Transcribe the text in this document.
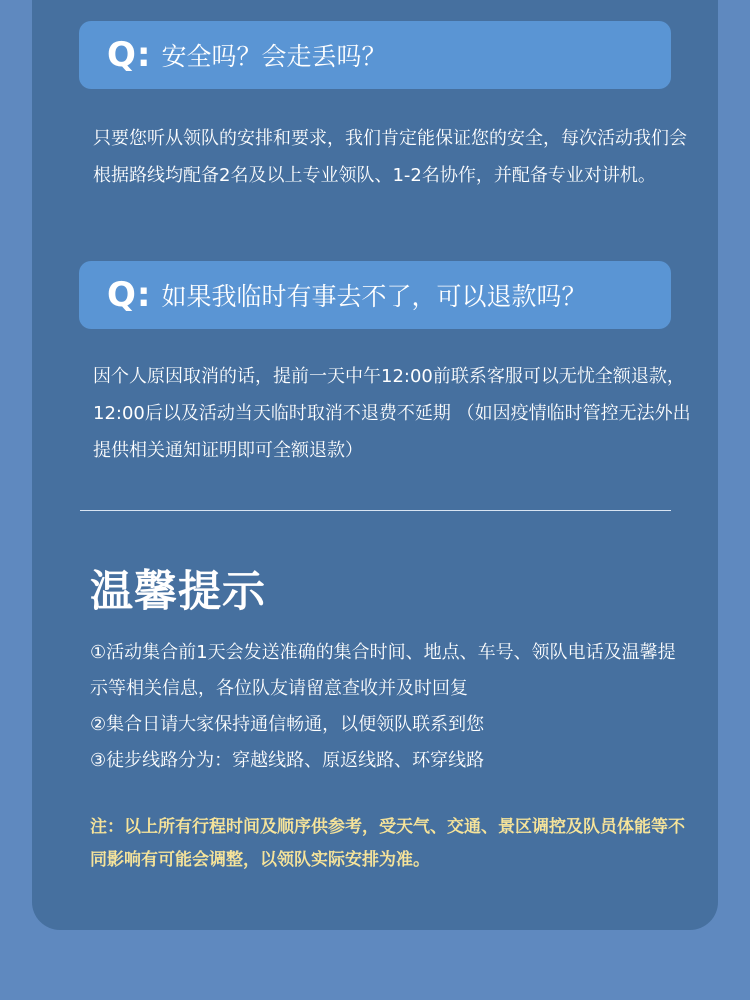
Q: 安全吗？会走丢吗？

只要您听从领队的安排和要求，我们肯定能保证您的安全，每次活动我们会根据路线均配备2名及以上专业领队、1-2名协作，并配备专业对讲机。

Q: 如果我临时有事去不了，可以退款吗？

因个人原因取消的话，提前一天中午12:00前联系客服可以无忧全额退款，12:00后以及活动当天临时取消不退费不延期 （如因疫情临时管控无法外出提供相关通知证明即可全额退款）

温馨提示
①活动集合前1天会发送准确的集合时间、地点、车号、领队电话及温馨提示等相关信息，各位队友请留意查收并及时回复
②集合日请大家保持通信畅通，以便领队联系到您
③徒步线路分为：穿越线路、原返线路、环穿线路

注：以上所有行程时间及顺序供参考，受天气、交通、景区调控及队员体能等不同影响有可能会调整，以领队实际安排为准。
